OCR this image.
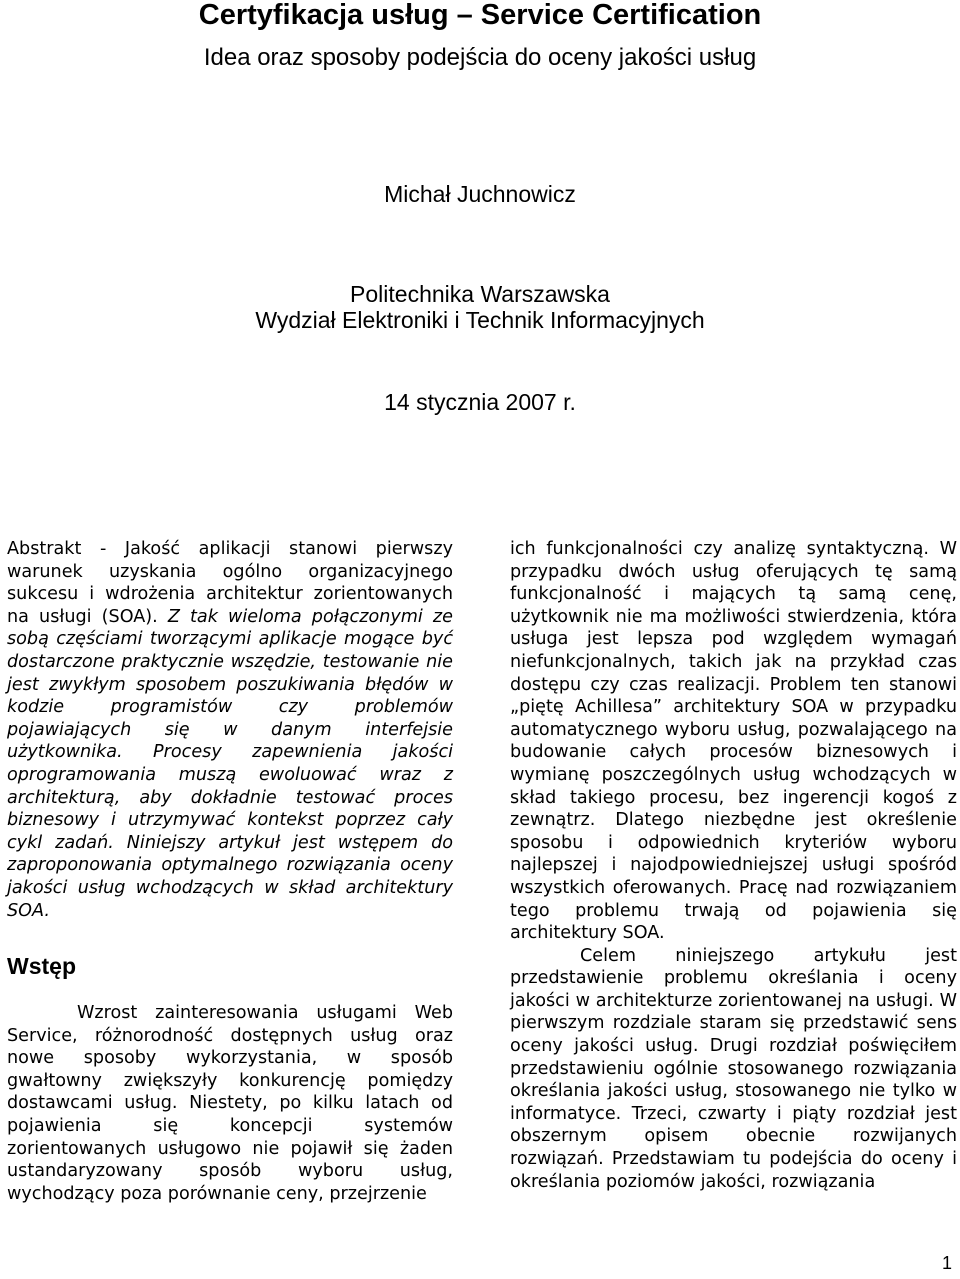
Certyfikacja usług – Service Certification
Idea oraz sposoby podejścia do oceny jakości usług
Michał Juchnowicz
Politechnika Warszawska
Wydział Elektroniki i Technik Informacyjnych
14 stycznia 2007 r.

Abstrakt - Jakość aplikacji stanowi pierwszy warunek uzyskania ogólno organizacyjnego sukcesu i wdrożenia architektur zorientowanych na usługi (SOA). Z tak wieloma połączonymi ze sobą częściami tworzącymi aplikacje mogące być dostarczone praktycznie wszędzie, testowanie nie jest zwykłym sposobem poszukiwania błędów w kodzie programistów czy problemów pojawiających się w danym interfejsie użytkownika. Procesy zapewnienia jakości oprogramowania muszą ewoluować wraz z architekturą, aby dokładnie testować proces biznesowy i utrzymywać kontekst poprzez cały cykl zadań. Niniejszy artykuł jest wstępem do zaproponowania optymalnego rozwiązania oceny jakości usług wchodzących w skład architektury SOA.

Wstęp

Wzrost zainteresowania usługami Web Service, różnorodność dostępnych usług oraz nowe sposoby wykorzystania, w sposób gwałtowny zwiększyły konkurencję pomiędzy dostawcami usług. Niestety, po kilku latach od pojawienia się koncepcji systemów zorientowanych usługowo nie pojawił się żaden ustandaryzowany sposób wyboru usług, wychodzący poza porównanie ceny, przejrzenie

ich funkcjonalności czy analizę syntaktyczną. W przypadku dwóch usług oferujących tę samą funkcjonalność i mających tą samą cenę, użytkownik nie ma możliwości stwierdzenia, która usługa jest lepsza pod względem wymagań niefunkcjonalnych, takich jak na przykład czas dostępu czy czas realizacji. Problem ten stanowi „piętę Achillesa” architektury SOA w przypadku automatycznego wyboru usług, pozwalającego na budowanie całych procesów biznesowych i wymianę poszczególnych usług wchodzących w skład takiego procesu, bez ingerencji kogoś z zewnątrz. Dlatego niezbędne jest określenie sposobu i odpowiednich kryteriów wyboru najlepszej i najodpowiedniejszej usługi spośród wszystkich oferowanych. Pracę nad rozwiązaniem tego problemu trwają od pojawienia się architektury SOA.

Celem niniejszego artykułu jest przedstawienie problemu określania i oceny jakości w architekturze zorientowanej na usługi. W pierwszym rozdziale staram się przedstawić sens oceny jakości usług. Drugi rozdział poświęciłem przedstawieniu ogólnie stosowanego rozwiązania określania jakości usług, stosowanego nie tylko w informatyce. Trzeci, czwarty i piąty rozdział jest obszernym opisem obecnie rozwijanych rozwiązań. Przedstawiam tu podejścia do oceny i określania poziomów jakości, rozwiązania

1
